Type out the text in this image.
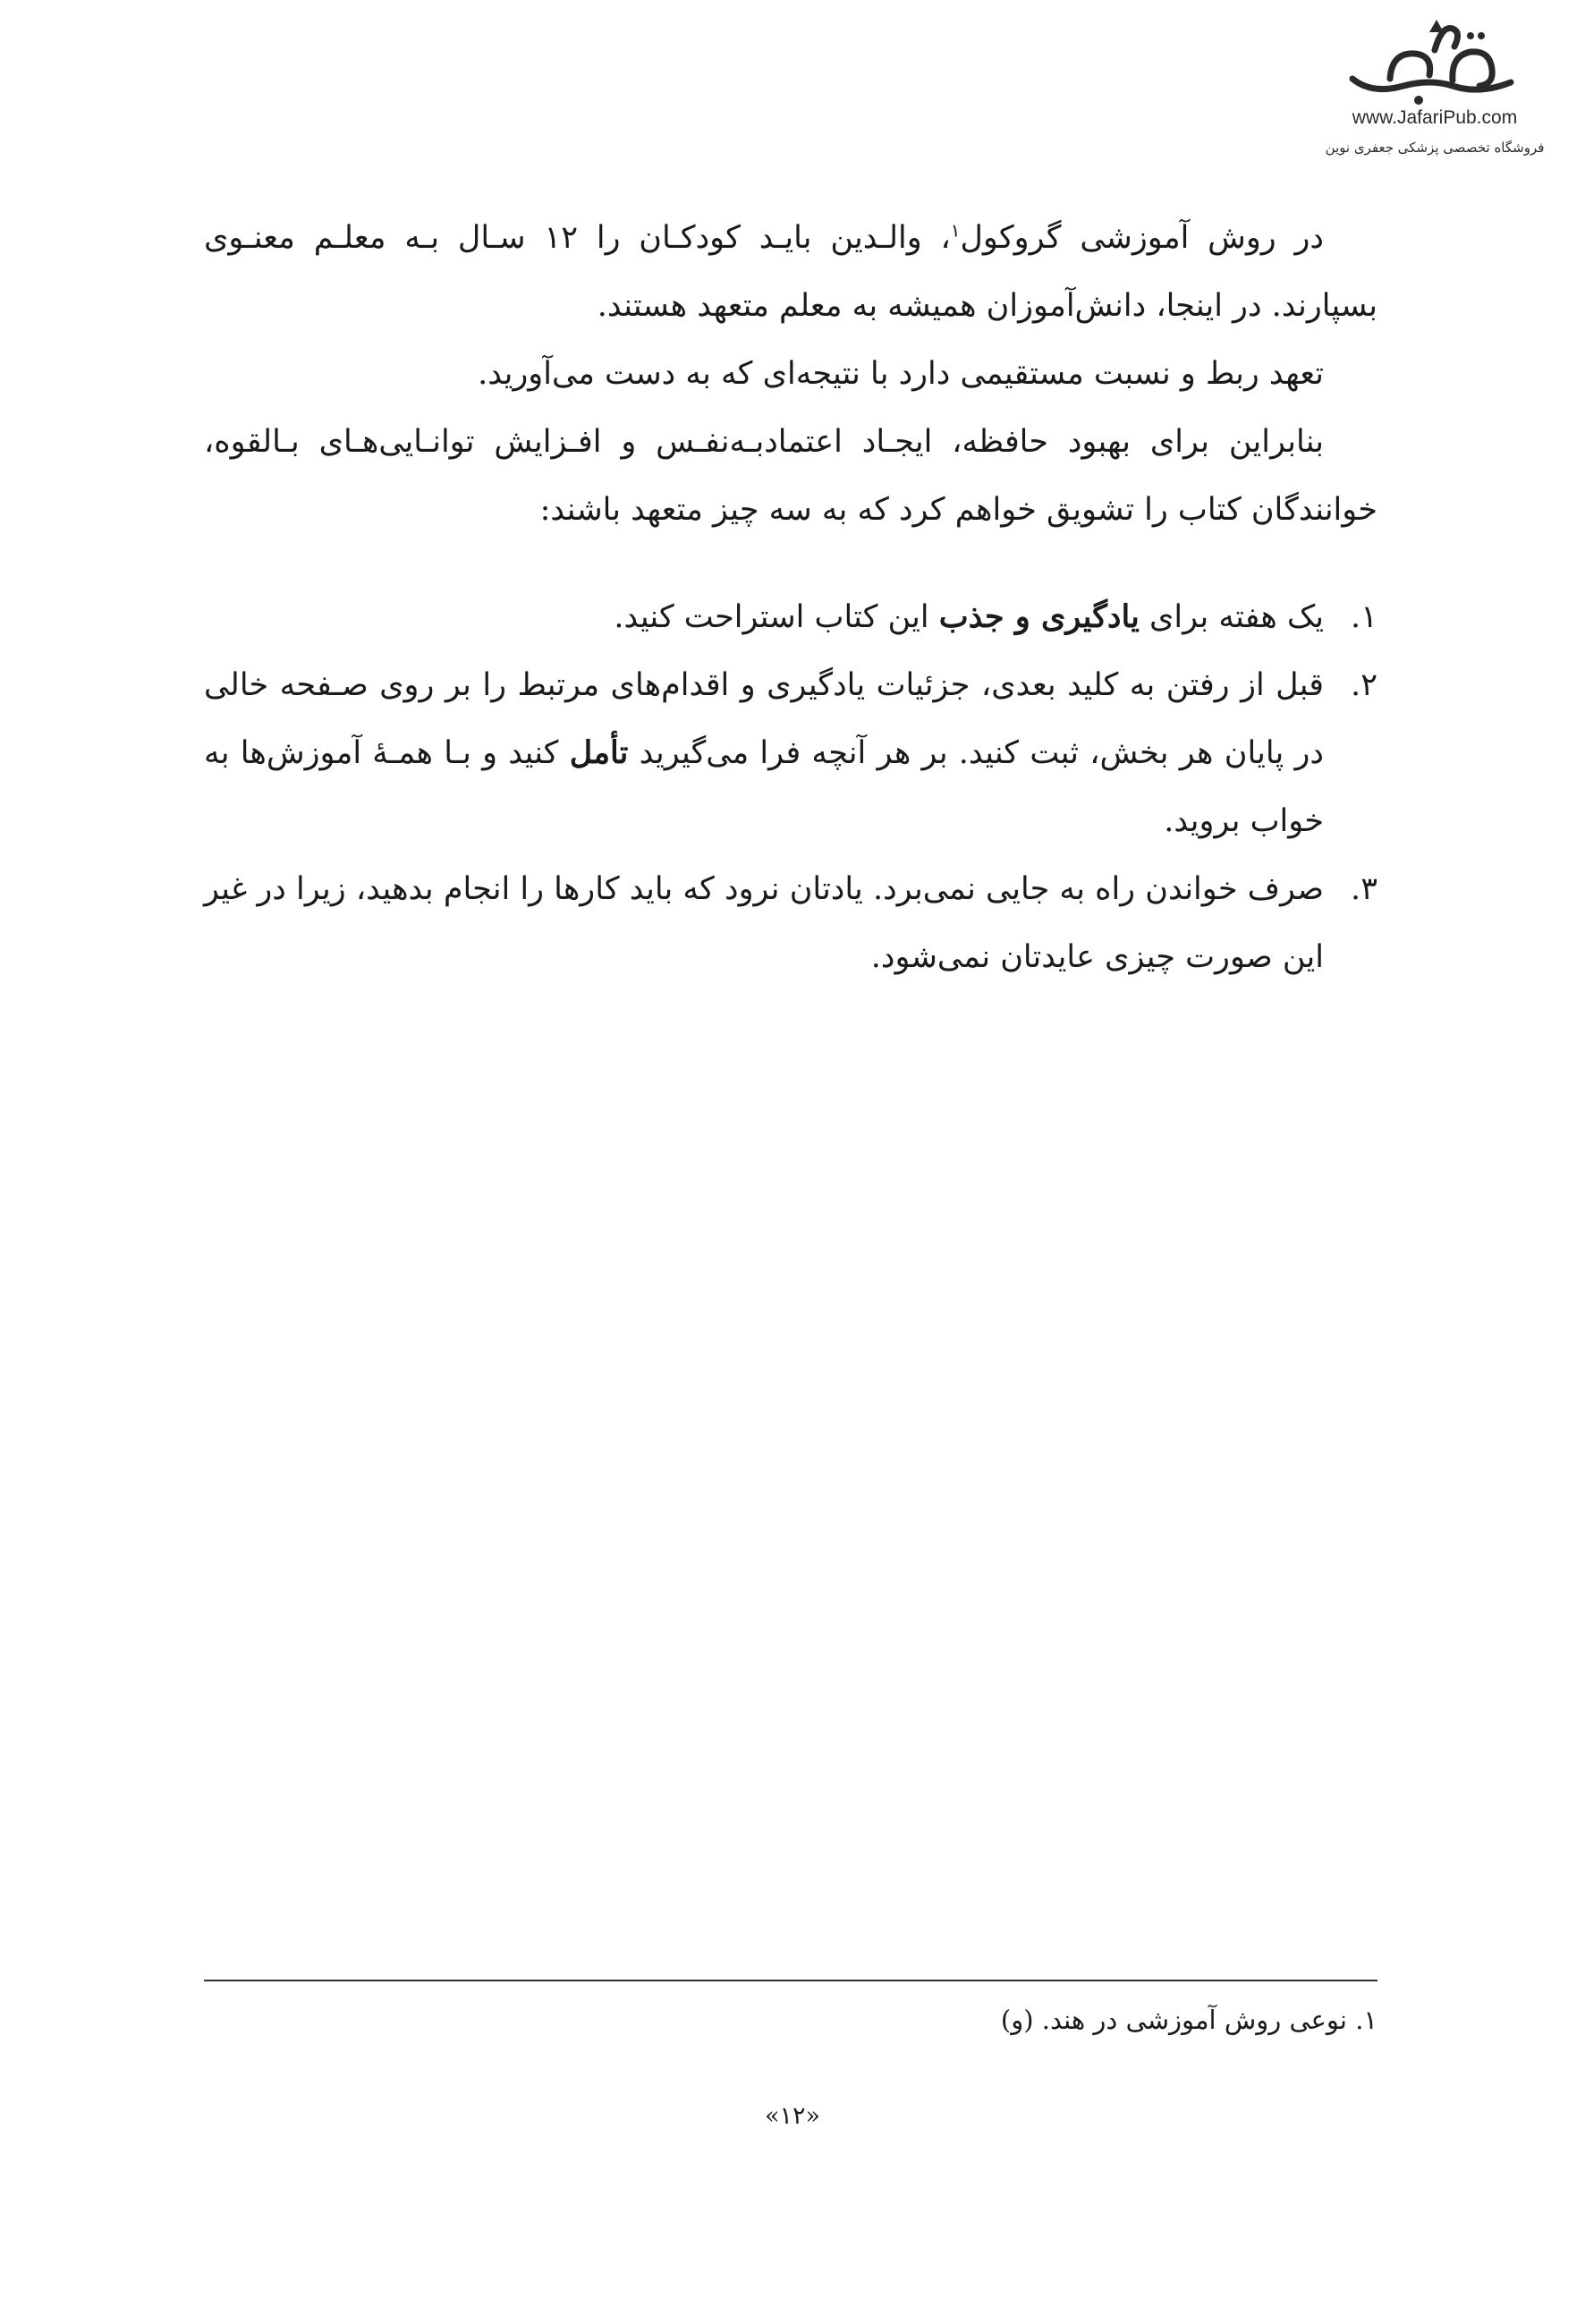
www.JafariPub.com
فروشگاه تخصصی پزشکی جعفری نوین

در روش آموزشی گروکول$^۱$، والـدین بایـد کودکـان را ۱۲ سـال بـه معلـم معنـوی بسپارند. در اینجا، دانش‌آموزان همیشه به معلم متعهد هستند.

تعهد ربط و نسبت مستقیمی دارد با نتیجه‌ای که به دست می‌آورید.

بنابراین برای بهبود حافظه، ایجـاد اعتمادبـه‌نفـس و افـزایش توانـایی‌هـای بـالقوه، خوانندگان کتاب را تشویق خواهم کرد که به سه چیز متعهد باشند:

۱.
یک هفته برای یادگیری و جذب این کتاب استراحت کنید.
۲.
قبل از رفتن به کلید بعدی، جزئیات یادگیری و اقدام‌های مرتبط را بر روی صـفحه خالی در پایان هر بخش، ثبت کنید. بر هر آنچه فرا می‌گیرید تأمل کنید و بـا همـۀ آموزش‌ها به خواب بروید.
۳.
صرف خواندن راه به جایی نمی‌برد. یادتان نرود که باید کارها را انجام بدهید، زیرا در غیر این صورت چیزی عایدتان نمی‌شود.
۱. نوعی روش آموزشی در هند. (و)
«۱۲»
